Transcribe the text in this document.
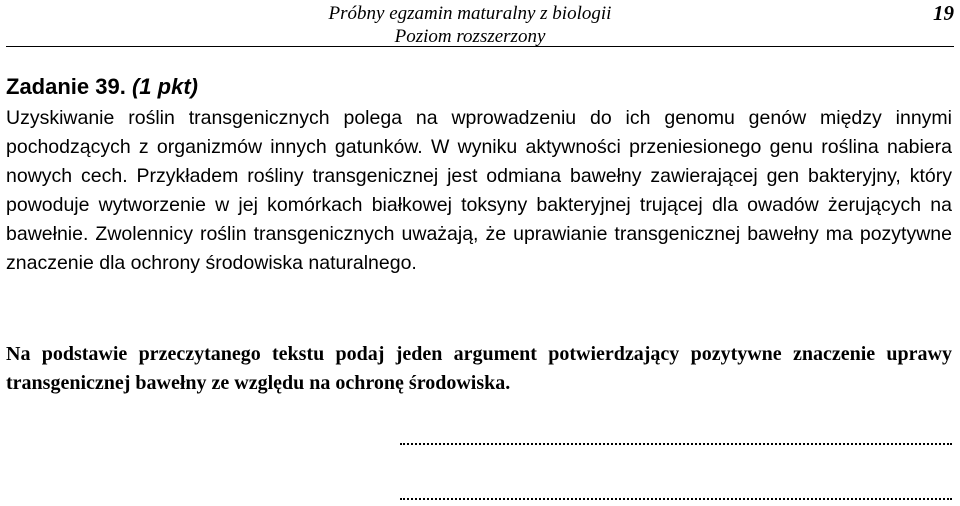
Próbny egzamin maturalny z biologii
Poziom rozszerzony
19
Zadanie 39. (1 pkt)

Uzyskiwanie roślin transgenicznych polega na wprowadzeniu do ich genomu genów między innymi pochodzących z organizmów innych gatunków. W wyniku aktywności przeniesionego genu roślina nabiera nowych cech. Przykładem rośliny transgenicznej jest odmiana bawełny zawierającej gen bakteryjny, który powoduje wytworzenie w jej komórkach białkowej toksyny bakteryjnej trującej dla owadów żerujących na bawełnie. Zwolennicy roślin transgenicznych uważają, że uprawianie transgenicznej bawełny ma pozytywne znaczenie dla ochrony środowiska naturalnego.

Na podstawie przeczytanego tekstu podaj jeden argument potwierdzający pozytywne znaczenie uprawy transgenicznej bawełny ze względu na ochronę środowiska.
